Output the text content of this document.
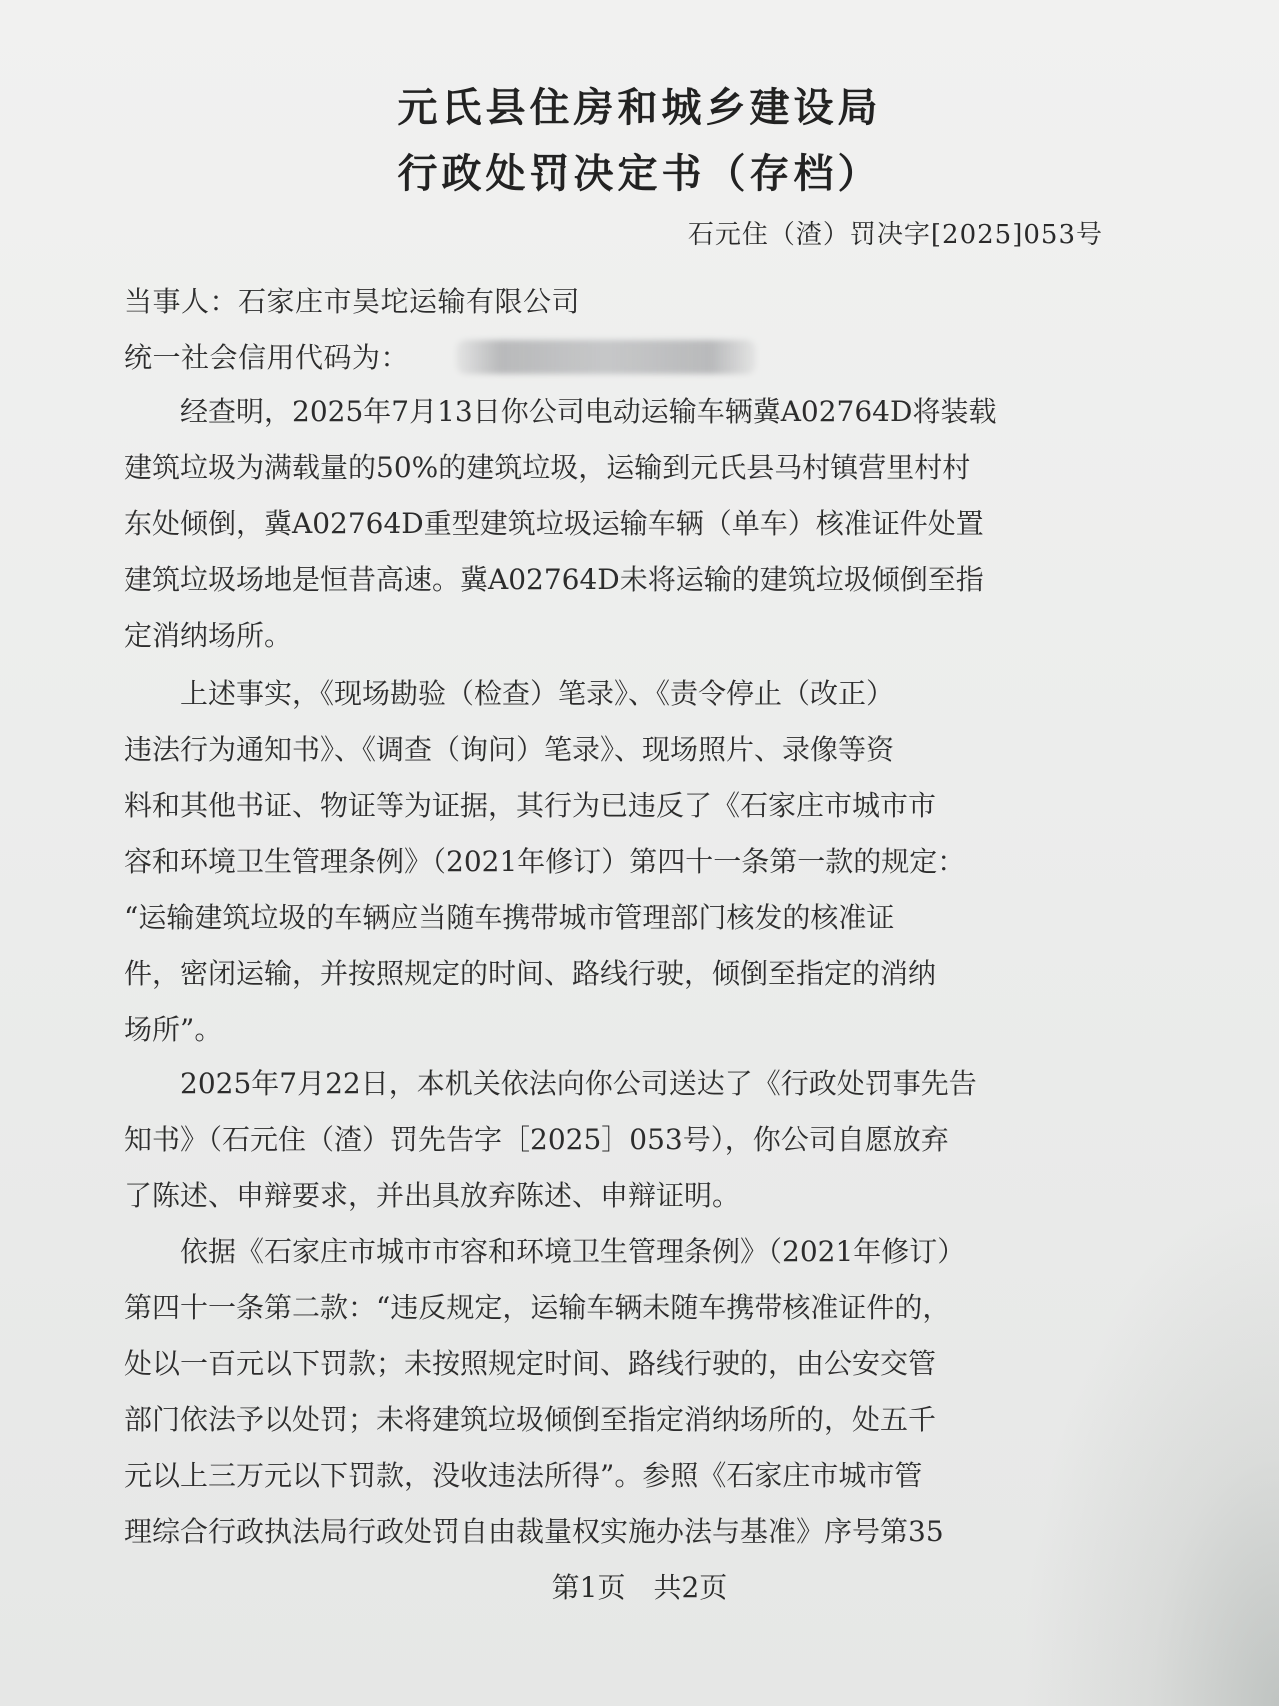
元氏县住房和城乡建设局
行政处罚决定书（存档）
石元住（渣）罚决字[2025]053号
当事人：石家庄市昊坨运输有限公司
统一社会信用代码为：
　　经查明，2025年7月13日你公司电动运输车辆冀A02764D将装载
建筑垃圾为满载量的50%的建筑垃圾，运输到元氏县马村镇营里村村
东处倾倒，冀A02764D重型建筑垃圾运输车辆（单车）核准证件处置
建筑垃圾场地是恒昔高速。冀A02764D未将运输的建筑垃圾倾倒至指
定消纳场所。
　　上述事实，《现场勘验（检查）笔录》、《责令停止（改正）
违法行为通知书》、《调查（询问）笔录》、现场照片、录像等资
料和其他书证、物证等为证据，其行为已违反了《石家庄市城市市
容和环境卫生管理条例》（2021年修订）第四十一条第一款的规定：
“运输建筑垃圾的车辆应当随车携带城市管理部门核发的核准证
件，密闭运输，并按照规定的时间、路线行驶，倾倒至指定的消纳
场所”。
　　2025年7月22日，本机关依法向你公司送达了《行政处罚事先告
知书》（石元住（渣）罚先告字［2025］053号），你公司自愿放弃
了陈述、申辩要求，并出具放弃陈述、申辩证明。
　　依据《石家庄市城市市容和环境卫生管理条例》（2021年修订）
第四十一条第二款：“违反规定，运输车辆未随车携带核准证件的，
处以一百元以下罚款；未按照规定时间、路线行驶的，由公安交管
部门依法予以处罚；未将建筑垃圾倾倒至指定消纳场所的，处五千
元以上三万元以下罚款，没收违法所得”。参照《石家庄市城市管
理综合行政执法局行政处罚自由裁量权实施办法与基准》序号第35
第1页　共2页
